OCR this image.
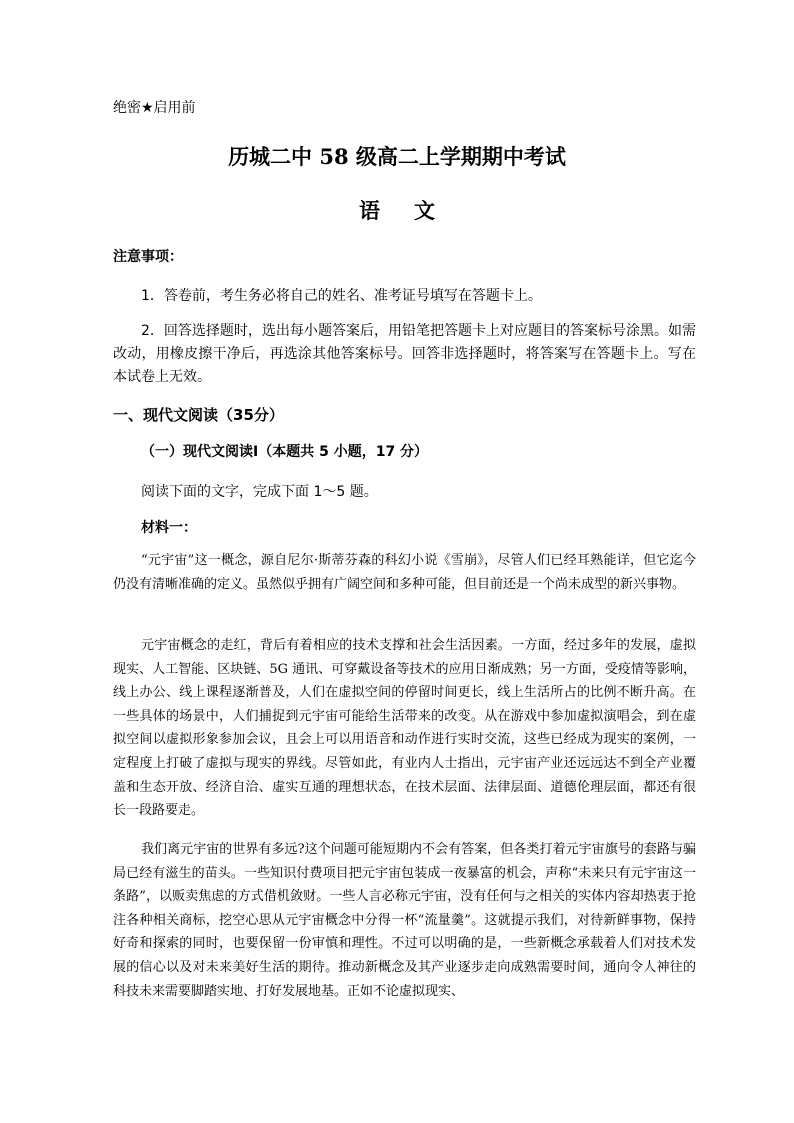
绝密★启用前
历城二中 58 级高二上学期期中考试
语文
注意事项：
1．答卷前，考生务必将自己的姓名、准考证号填写在答题卡上。
2．回答选择题时，选出每小题答案后，用铅笔把答题卡上对应题目的答案标号涂黑。如需改动，用橡皮擦干净后，再选涂其他答案标号。回答非选择题时，将答案写在答题卡上。写在本试卷上无效。
一、现代文阅读（35分）
（一）现代文阅读Ⅰ（本题共 5 小题，17 分）
阅读下面的文字，完成下面 1～5 题。
材料一：
“元宇宙”这一概念，源自尼尔·斯蒂芬森的科幻小说《雪崩》，尽管人们已经耳熟能详，但它迄今仍没有清晰准确的定义。虽然似乎拥有广阔空间和多种可能，但目前还是一个尚未成型的新兴事物。
元宇宙概念的走红，背后有着相应的技术支撑和社会生活因素。一方面，经过多年的发展，虚拟现实、人工智能、区块链、5G 通讯、可穿戴设备等技术的应用日渐成熟；另一方面，受疫情等影响，线上办公、线上课程逐渐普及，人们在虚拟空间的停留时间更长，线上生活所占的比例不断升高。在一些具体的场景中，人们捕捉到元宇宙可能给生活带来的改变。从在游戏中参加虚拟演唱会，到在虚拟空间以虚拟形象参加会议，且会上可以用语音和动作进行实时交流，这些已经成为现实的案例，一定程度上打破了虚拟与现实的界线。尽管如此，有业内人士指出，元宇宙产业还远远达不到全产业覆盖和生态开放、经济自洽、虚实互通的理想状态，在技术层面、法律层面、道德伦理层面，都还有很长一段路要走。
我们离元宇宙的世界有多远?这个问题可能短期内不会有答案，但各类打着元宇宙旗号的套路与骗局已经有滋生的苗头。一些知识付费项目把元宇宙包装成一夜暴富的机会，声称“未来只有元宇宙这一条路”，以贩卖焦虑的方式借机敛财。一些人言必称元宇宙，没有任何与之相关的实体内容却热衷于抢注各种相关商标，挖空心思从元宇宙概念中分得一杯“流量羹”。这就提示我们，对待新鲜事物，保持好奇和探索的同时，也要保留一份审慎和理性。不过可以明确的是，一些新概念承载着人们对技术发展的信心以及对未来美好生活的期待。推动新概念及其产业逐步走向成熟需要时间，通向令人神往的科技未来需要脚踏实地、打好发展地基。正如不论虚拟现实、
